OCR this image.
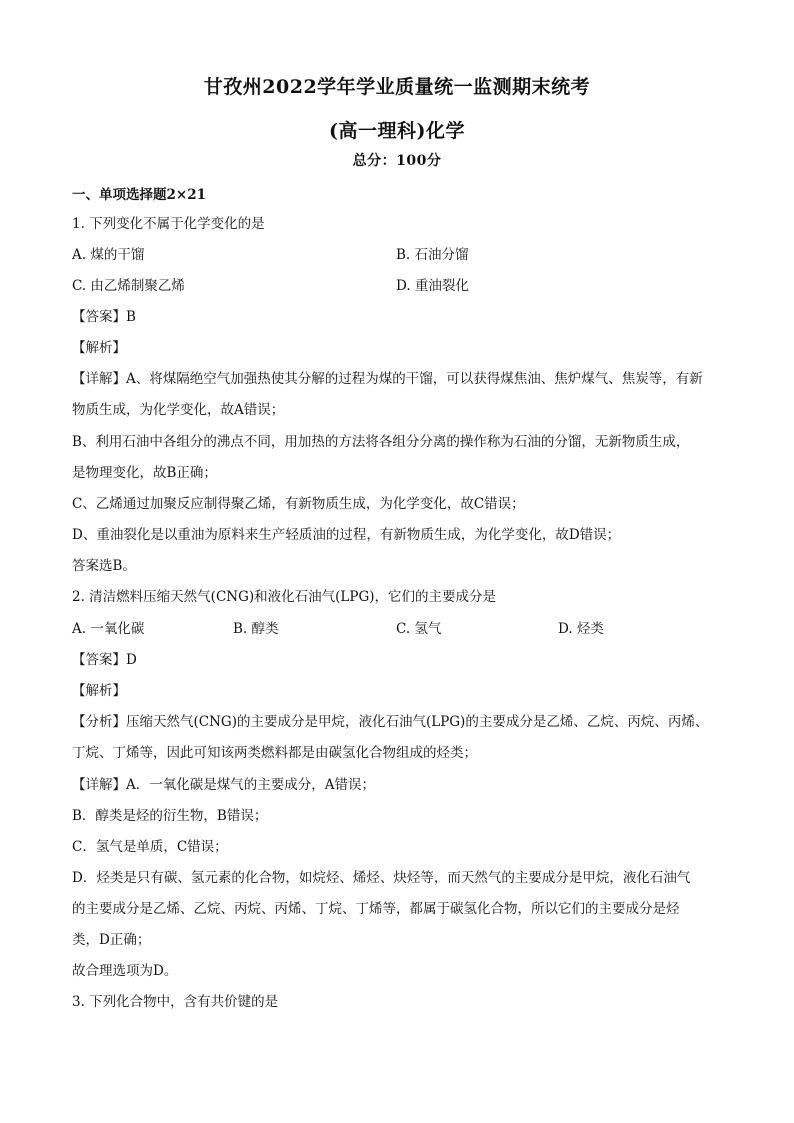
甘孜州2022学年学业质量统一监测期末统考
(高一理科)化学
总分：100分
一、单项选择题2×21
1. 下列变化不属于化学变化的是
A. 煤的干馏	B. 石油分馏
C. 由乙烯制聚乙烯	D. 重油裂化
【答案】B
【解析】
【详解】A、将煤隔绝空气加强热使其分解的过程为煤的干馏，可以获得煤焦油、焦炉煤气、焦炭等，有新
物质生成，为化学变化，故A错误；
B、利用石油中各组分的沸点不同，用加热的方法将各组分分离的操作称为石油的分馏，无新物质生成，
是物理变化，故B正确；
C、乙烯通过加聚反应制得聚乙烯，有新物质生成，为化学变化，故C错误；
D、重油裂化是以重油为原料来生产轻质油的过程，有新物质生成，为化学变化，故D错误；
答案选B。
2. 清洁燃料压缩天然气(CNG)和液化石油气(LPG)，它们的主要成分是
A. 一氧化碳	B. 醇类	C. 氢气	D. 烃类
【答案】D
【解析】
【分析】压缩天然气(CNG)的主要成分是甲烷，液化石油气(LPG)的主要成分是乙烯、乙烷、丙烷、丙烯、
丁烷、丁烯等，因此可知该两类燃料都是由碳氢化合物组成的烃类；
【详解】A．一氧化碳是煤气的主要成分，A错误；
B．醇类是烃的衍生物，B错误；
C．氢气是单质，C错误；
D．烃类是只有碳、氢元素的化合物，如烷烃、烯烃、炔烃等，而天然气的主要成分是甲烷，液化石油气
的主要成分是乙烯、乙烷、丙烷、丙烯、丁烷、丁烯等，都属于碳氢化合物，所以它们的主要成分是烃
类，D正确；
故合理选项为D。
3. 下列化合物中，含有共价键的是
